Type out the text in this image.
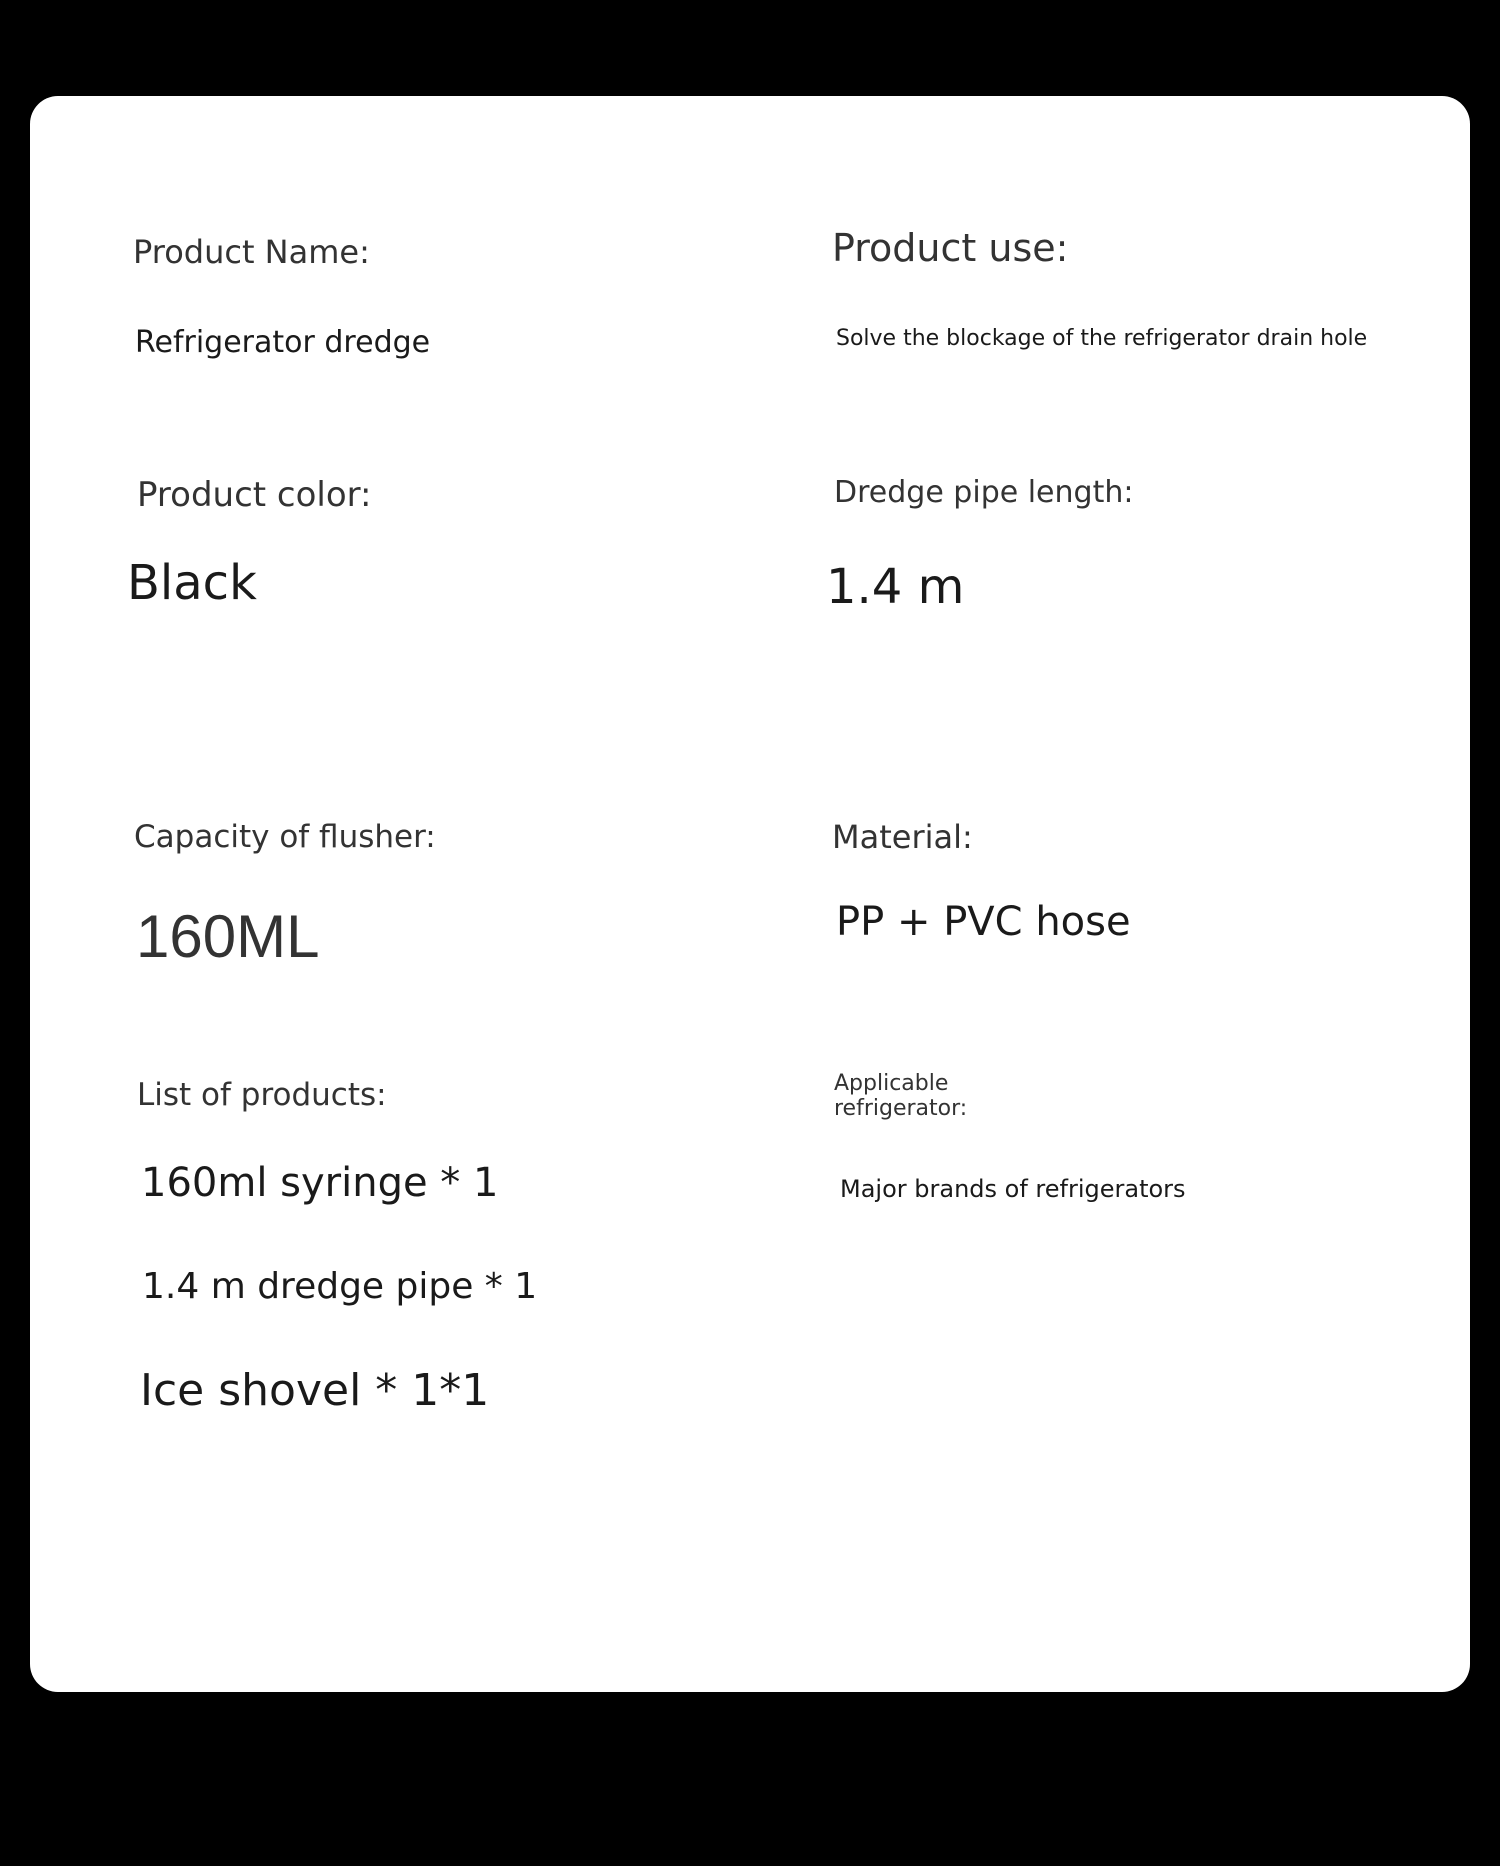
Product Name:
Refrigerator dredge
Product use:
Solve the blockage of the refrigerator drain hole
Product color:
Black
Dredge pipe length:
1.4 m
Capacity of flusher:
160ML
Material:
PP + PVC hose
List of products:
160ml syringe * 1
1.4 m dredge pipe * 1
Ice shovel * 1*1
Applicable
refrigerator:
Major brands of refrigerators
